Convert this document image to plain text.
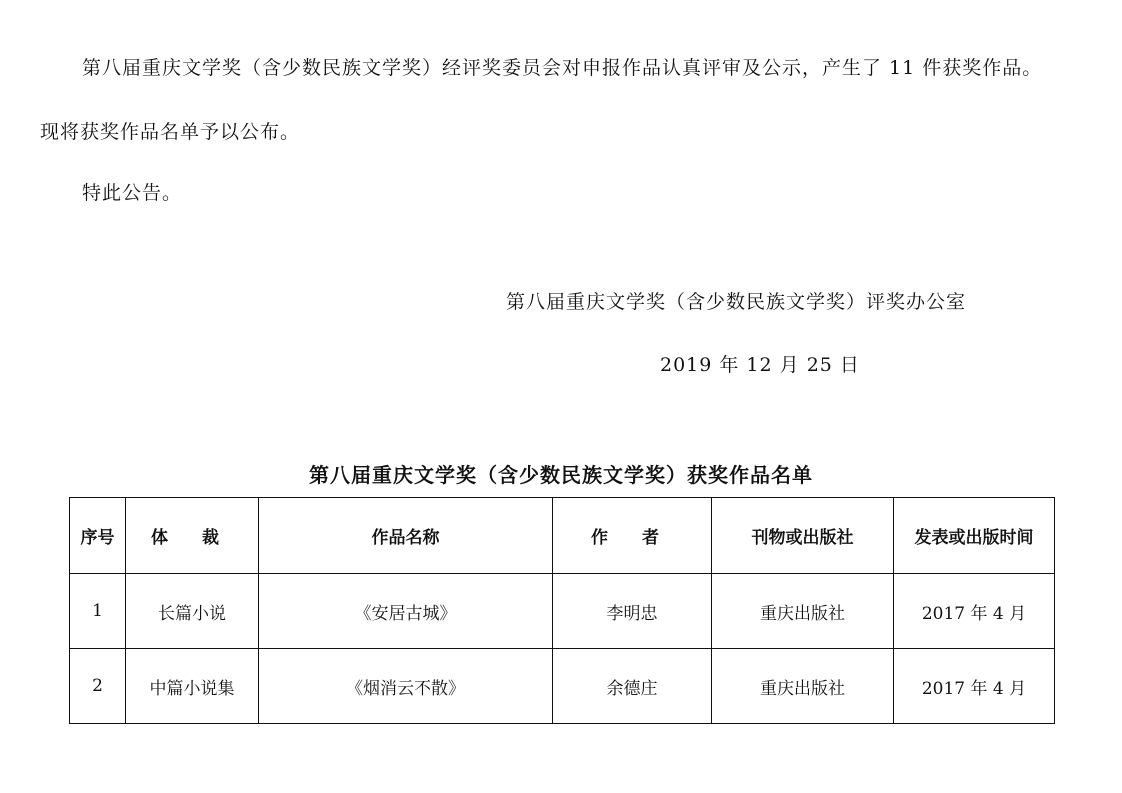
第八届重庆文学奖（含少数民族文学奖）经评奖委员会对申报作品认真评审及公示，产生了 11 件获奖作品。
现将获奖作品名单予以公布。
特此公告。
第八届重庆文学奖（含少数民族文学奖）评奖办公室
2019 年 12 月 25 日
第八届重庆文学奖（含少数民族文学奖）获奖作品名单
序号	体 裁	作品名称	作 者	刊物或出版社	发表或出版时间
1	长篇小说	《安居古城》	李明忠	重庆出版社	2017 年 4 月
2	中篇小说集	《烟消云不散》	余德庄	重庆出版社	2017 年 4 月
